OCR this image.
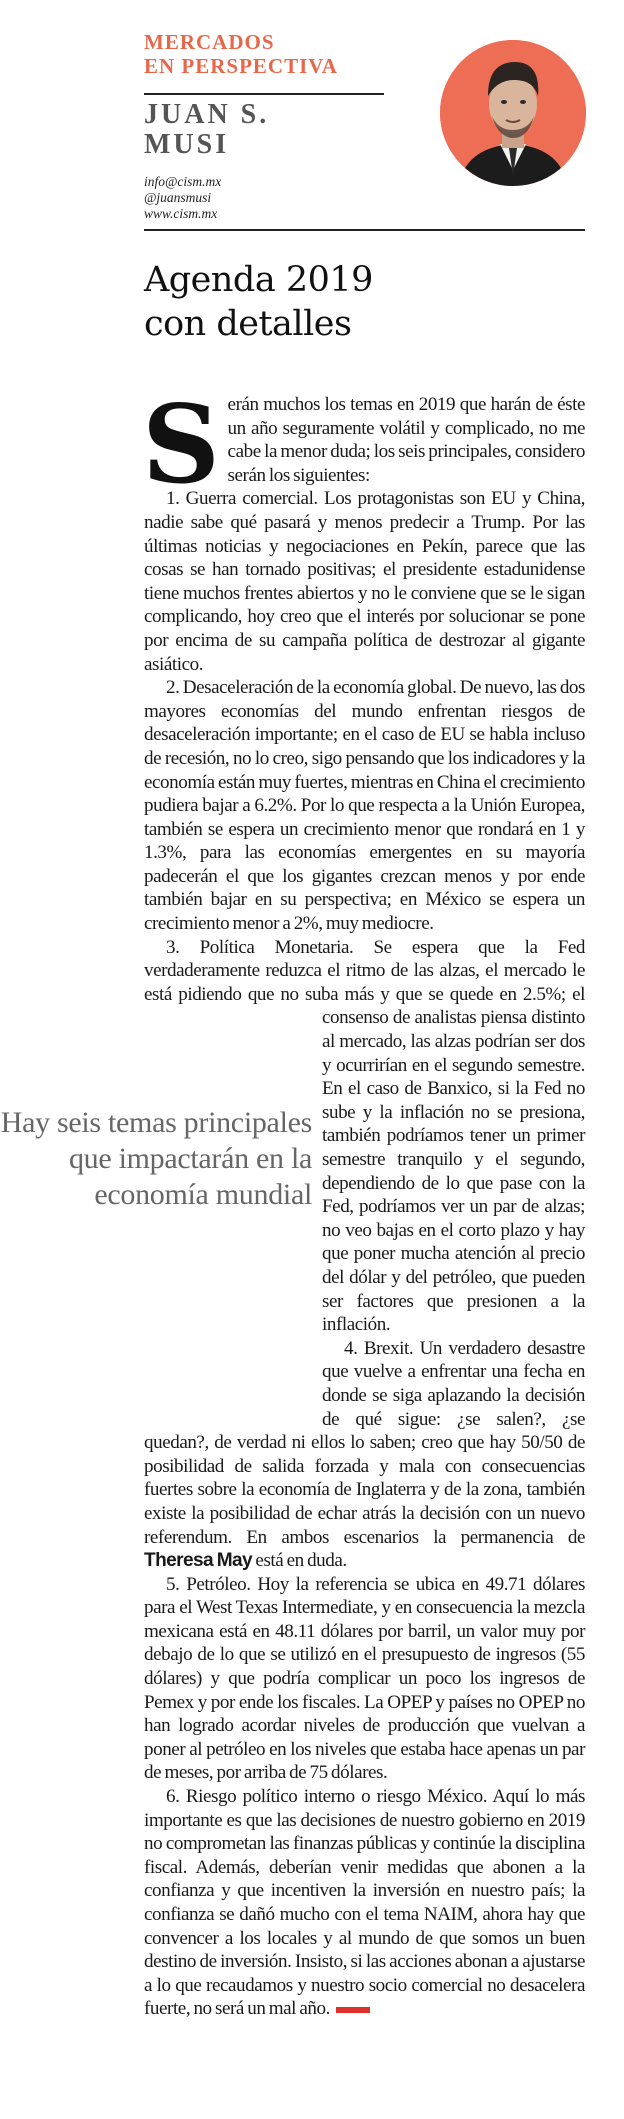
MERCADOS
EN PERSPECTIVA
JUAN S.
MUSI
info@cism.mx
@juansmusi
www.cism.mx
Agenda 2019
con detalles

Serán muchos los temas en 2019 que harán de éste un año seguramente volátil y complicado, no me cabe la menor duda; los seis principales, considero serán los siguientes:

1. Guerra comercial. Los protagonistas son EU y China, nadie sabe qué pasará y menos predecir a Trump. Por las últimas noticias y negociaciones en Pekín, parece que las cosas se han tornado positivas; el presidente estadunidense tiene muchos frentes abiertos y no le conviene que se le sigan complicando, hoy creo que el interés por solucionar se pone por encima de su campaña política de destrozar al gigante asiático.

2. Desaceleración de la economía global. De nuevo, las dos mayores economías del mundo enfrentan riesgos de desaceleración importante; en el caso de EU se habla incluso de recesión, no lo creo, sigo pensando que los indicadores y la economía están muy fuertes, mientras en China el crecimiento pudiera bajar a 6.2%. Por lo que respecta a la Unión Europea, también se espera un crecimiento menor que rondará en 1 y 1.3%, para las economías emergentes en su mayoría padecerán el que los gigantes crezcan menos y por ende también bajar en su perspectiva; en México se espera un crecimiento menor a 2%, muy mediocre.

Hay seis temas principales que impactarán en la economía mundial

3. Política Monetaria. Se espera que la Fed verdaderamente reduzca el ritmo de las alzas, el mercado le está pidiendo que no suba más y que se quede en 2.5%; el consenso de analistas piensa distinto al mercado, las alzas podrían ser dos y ocurrirían en el segundo semestre. En el caso de Banxico, si la Fed no sube y la inflación no se presiona, también podríamos tener un primer semestre tranquilo y el segundo, dependiendo de lo que pase con la Fed, podríamos ver un par de alzas; no veo bajas en el corto plazo y hay que poner mucha atención al precio del dólar y del petróleo, que pueden ser factores que presionen a la inflación.

4. Brexit. Un verdadero desastre que vuelve a enfrentar una fecha en donde se siga aplazando la decisión de qué sigue: ¿se salen?, ¿se quedan?, de verdad ni ellos lo saben; creo que hay 50/50 de posibilidad de salida forzada y mala con consecuencias fuertes sobre la economía de Inglaterra y de la zona, también existe la posibilidad de echar atrás la decisión con un nuevo referendum. En ambos escenarios la permanencia de Theresa May está en duda.

5. Petróleo. Hoy la referencia se ubica en 49.71 dólares para el West Texas Intermediate, y en consecuencia la mezcla mexicana está en 48.11 dólares por barril, un valor muy por debajo de lo que se utilizó en el presupuesto de ingresos (55 dólares) y que podría complicar un poco los ingresos de Pemex y por ende los fiscales. La OPEP y países no OPEP no han logrado acordar niveles de producción que vuelvan a poner al petróleo en los niveles que estaba hace apenas un par de meses, por arriba de 75 dólares.

6. Riesgo político interno o riesgo México. Aquí lo más importante es que las decisiones de nuestro gobierno en 2019 no comprometan las finanzas públicas y continúe la disciplina fiscal. Además, deberían venir medidas que abonen a la confianza y que incentiven la inversión en nuestro país; la confianza se dañó mucho con el tema NAIM, ahora hay que convencer a los locales y al mundo de que somos un buen destino de inversión. Insisto, si las acciones abonan a ajustarse a lo que recaudamos y nuestro socio comercial no desacelera fuerte, no será un mal año.
